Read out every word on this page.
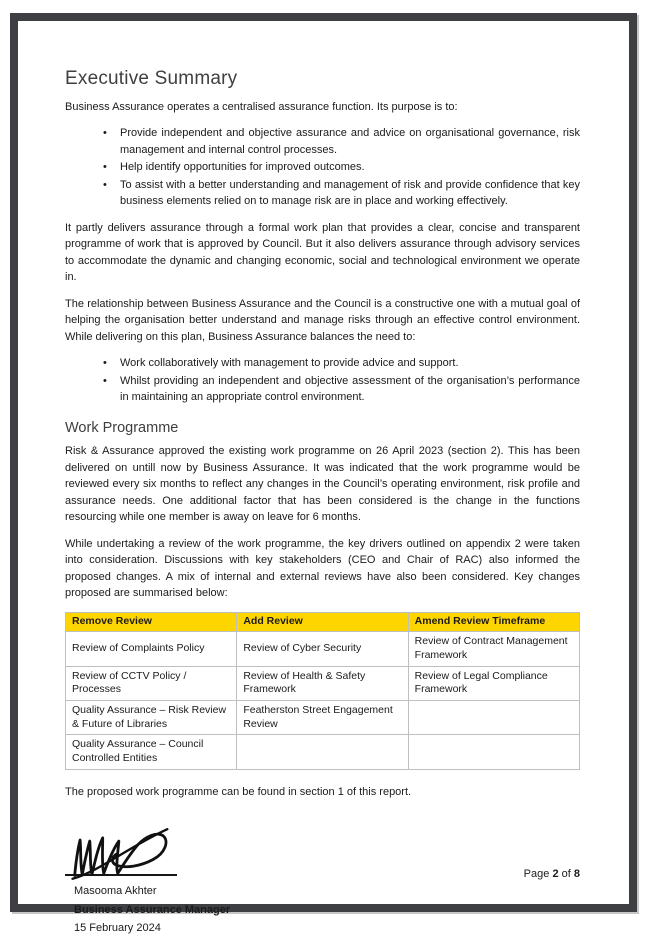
Executive Summary

Business Assurance operates a centralised assurance function. Its purpose is to:

• Provide independent and objective assurance and advice on organisational governance, risk management and internal control processes.
• Help identify opportunities for improved outcomes.
• To assist with a better understanding and management of risk and provide confidence that key business elements relied on to manage risk are in place and working effectively.

It partly delivers assurance through a formal work plan that provides a clear, concise and transparent programme of work that is approved by Council. But it also delivers assurance through advisory services to accommodate the dynamic and changing economic, social and technological environment we operate in.

The relationship between Business Assurance and the Council is a constructive one with a mutual goal of helping the organisation better understand and manage risks through an effective control environment. While delivering on this plan, Business Assurance balances the need to:

• Work collaboratively with management to provide advice and support.
• Whilst providing an independent and objective assessment of the organisation’s performance in maintaining an appropriate control environment.
Work Programme

Risk & Assurance approved the existing work programme on 26 April 2023 (section 2). This has been delivered on untill now by Business Assurance. It was indicated that the work programme would be reviewed every six months to reflect any changes in the Council’s operating environment, risk profile and assurance needs. One additional factor that has been considered is the change in the functions resourcing while one member is away on leave for 6 months.

While undertaking a review of the work programme, the key drivers outlined on appendix 2 were taken into consideration. Discussions with key stakeholders (CEO and Chair of RAC) also informed the proposed changes. A mix of internal and external reviews have also been considered. Key changes proposed are summarised below:

Remove Review	Add Review	Amend Review Timeframe
Review of Complaints Policy	Review of Cyber Security	Review of Contract Management Framework
Review of CCTV Policy / Processes	Review of Health & Safety Framework	Review of Legal Compliance Framework
Quality Assurance – Risk Review & Future of Libraries	Featherston Street Engagement Review	
Quality Assurance – Council Controlled Entities		

The proposed work programme can be found in section 1 of this report.

Masooma Akhter
Business Assurance Manager
15 February 2024
Page 2 of 8
